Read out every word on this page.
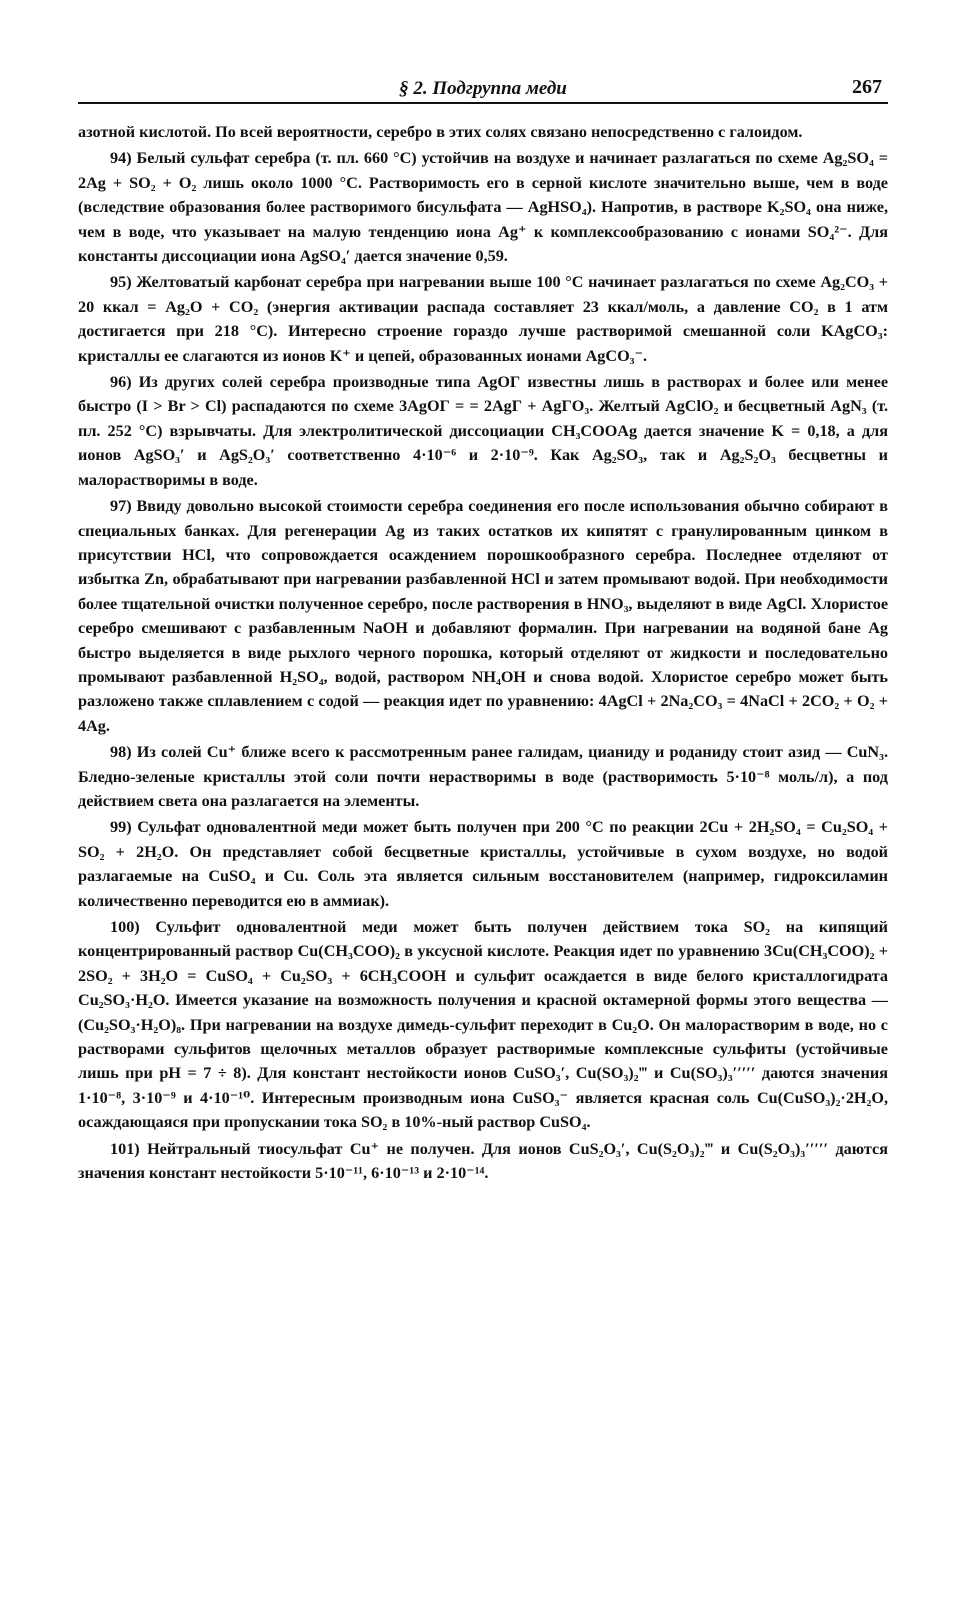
§ 2. Подгруппа меди	267

азотной кислотой. По всей вероятности, серебро в этих солях связано непосредственно с галоидом.

94) Белый сульфат серебра (т. пл. 660 °C) устойчив на воздухе и начинает разлагаться по схеме Ag₂SO₄ = 2Ag + SO₂ + O₂ лишь около 1000 °C. Растворимость его в серной кислоте значительно выше, чем в воде (вследствие образования более растворимого бисульфата — AgHSO₄). Напротив, в растворе K₂SO₄ она ниже, чем в воде, что указывает на малую тенденцию иона Ag⁺ к комплексообразованию с ионами SO₄²⁻. Для константы диссоциации иона AgSO₄′ дается значение 0,59.

95) Желтоватый карбонат серебра при нагревании выше 100 °C начинает разлагаться по схеме Ag₂CO₃ + 20 ккал = Ag₂O + CO₂ (энергия активации распада составляет 23 ккал/моль, а давление CO₂ в 1 атм достигается при 218 °C). Интересно строение гораздо лучше растворимой смешанной соли KAgCO₃: кристаллы ее слагаются из ионов K⁺ и цепей, образованных ионами AgCO₃⁻.

96) Из других солей серебра производные типа AgOГ известны лишь в растворах и более или менее быстро (I > Br > Cl) распадаются по схеме 3AgOГ = = 2AgГ + AgГO₃. Желтый AgClO₂ и бесцветный AgN₃ (т. пл. 252 °C) взрывчаты. Для электролитической диссоциации CH₃COOAg дается значение K = 0,18, а для ионов AgSO₃′ и AgS₂O₃′ соответственно 4·10⁻⁶ и 2·10⁻⁹. Как Ag₂SO₃, так и Ag₂S₂O₃ бесцветны и малорастворимы в воде.

97) Ввиду довольно высокой стоимости серебра соединения его после использования обычно собирают в специальных банках. Для регенерации Ag из таких остатков их кипятят с гранулированным цинком в присутствии HCl, что сопровождается осаждением порошкообразного серебра. Последнее отделяют от избытка Zn, обрабатывают при нагревании разбавленной HCl и затем промывают водой. При необходимости более тщательной очистки полученное серебро, после растворения в HNO₃, выделяют в виде AgCl. Хлористое серебро смешивают с разбавленным NaOH и добавляют формалин. При нагревании на водяной бане Ag быстро выделяется в виде рыхлого черного порошка, который отделяют от жидкости и последовательно промывают разбавленной H₂SO₄, водой, раствором NH₄OH и снова водой. Хлористое серебро может быть разложено также сплавлением с содой — реакция идет по уравнению: 4AgCl + 2Na₂CO₃ = 4NaCl + 2CO₂ + O₂ + 4Ag.

98) Из солей Cu⁺ ближе всего к рассмотренным ранее галидам, цианиду и роданиду стоит азид — CuN₃. Бледно-зеленые кристаллы этой соли почти нерастворимы в воде (растворимость 5·10⁻⁸ моль/л), а под действием света она разлагается на элементы.

99) Сульфат одновалентной меди может быть получен при 200 °C по реакции 2Cu + 2H₂SO₄ = Cu₂SO₄ + SO₂ + 2H₂O. Он представляет собой бесцветные кристаллы, устойчивые в сухом воздухе, но водой разлагаемые на CuSO₄ и Cu. Соль эта является сильным восстановителем (например, гидроксиламин количественно переводится ею в аммиак).

100) Сульфит одновалентной меди может быть получен действием тока SO₂ на кипящий концентрированный раствор Cu(CH₃COO)₂ в уксусной кислоте. Реакция идет по уравнению 3Cu(CH₃COO)₂ + 2SO₂ + 3H₂O = CuSO₄ + Cu₂SO₃ + 6CH₃COOH и сульфит осаждается в виде белого кристаллогидрата Cu₂SO₃·H₂O. Имеется указание на возможность получения и красной октамерной формы этого вещества — (Cu₂SO₃·H₂O)₈. При нагревании на воздухе димедь-сульфит переходит в Cu₂O. Он малорастворим в воде, но с растворами сульфитов щелочных металлов образует растворимые комплексные сульфиты (устойчивые лишь при pH = 7 ÷ 8). Для констант нестойкости ионов CuSO₃′, Cu(SO₃)₂‴ и Cu(SO₃)₃′′′′′ даются значения 1·10⁻⁸, 3·10⁻⁹ и 4·10⁻¹⁰. Интересным производным иона CuSO₃⁻ является красная соль Cu(CuSO₃)₂·2H₂O, осаждающаяся при пропускании тока SO₂ в 10%-ный раствор CuSO₄.

101) Нейтральный тиосульфат Cu⁺ не получен. Для ионов CuS₂O₃′, Cu(S₂O₃)₂‴ и Cu(S₂O₃)₃′′′′′ даются значения констант нестойкости 5·10⁻¹¹, 6·10⁻¹³ и 2·10⁻¹⁴.
